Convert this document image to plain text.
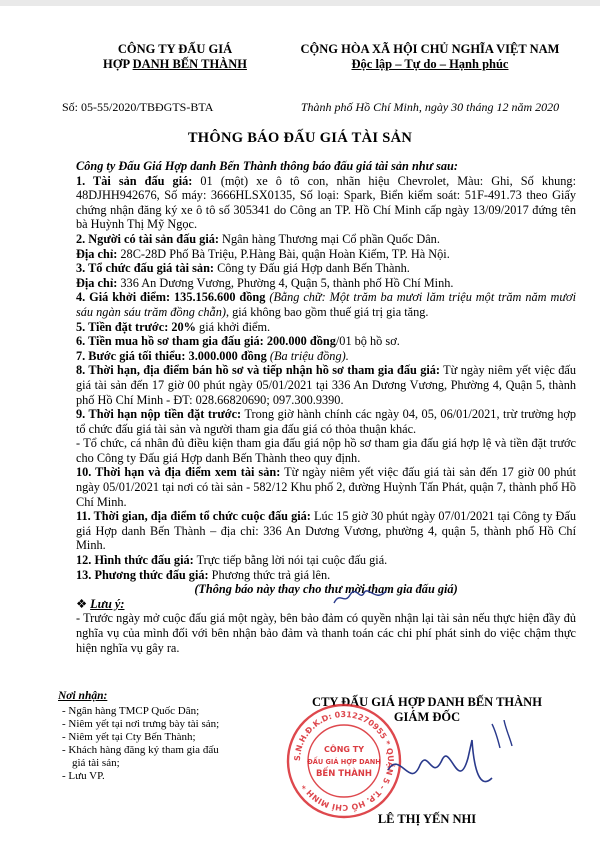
CÔNG TY ĐẤU GIÁ
HỢP DANH BẾN THÀNH
Số: 05-55/2020/TBĐGTS-BTA
CỘNG HÒA XÃ HỘI CHỦ NGHĨA VIỆT NAM
Độc lập – Tự do – Hạnh phúc
Thành phố Hồ Chí Minh, ngày 30 tháng 12 năm 2020
THÔNG BÁO ĐẤU GIÁ TÀI SẢN

Công ty Đấu Giá Hợp danh Bến Thành thông báo đấu giá tài sản như sau:

1. Tài sản đấu giá: 01 (một) xe ô tô con, nhãn hiệu Chevrolet, Màu: Ghi, Số khung: 48DJHH942676, Số máy: 3666HLSX0135, Số loại: Spark, Biển kiểm soát: 51F-491.73 theo Giấy chứng nhận đăng ký xe ô tô số 305341 do Công an TP. Hồ Chí Minh cấp ngày 13/09/2017 đứng tên bà Huỳnh Thị Mỹ Ngọc.

2. Người có tài sản đấu giá: Ngân hàng Thương mại Cổ phần Quốc Dân.

Địa chỉ: 28C-28D Phố Bà Triệu, P.Hàng Bài, quận Hoàn Kiếm, TP. Hà Nội.

3. Tổ chức đấu giá tài sản: Công ty Đấu giá Hợp danh Bến Thành.

Địa chỉ: 336 An Dương Vương, Phường 4, Quận 5, thành phố Hồ Chí Minh.

4. Giá khởi điểm: 135.156.600 đồng (Bằng chữ: Một trăm ba mươi lăm triệu một trăm năm mươi sáu ngàn sáu trăm đồng chẵn), giá không bao gồm thuế giá trị gia tăng.

5. Tiền đặt trước: 20% giá khởi điểm.

6. Tiền mua hồ sơ tham gia đấu giá: 200.000 đồng/01 bộ hồ sơ.

7. Bước giá tối thiểu: 3.000.000 đồng (Ba triệu đồng).

8. Thời hạn, địa điểm bán hồ sơ và tiếp nhận hồ sơ tham gia đấu giá: Từ ngày niêm yết việc đấu giá tài sản đến 17 giờ 00 phút ngày 05/01/2021 tại 336 An Dương Vương, Phường 4, Quận 5, thành phố Hồ Chí Minh - ĐT: 028.66820690; 097.300.9390.

9. Thời hạn nộp tiền đặt trước: Trong giờ hành chính các ngày 04, 05, 06/01/2021, trừ trường hợp tổ chức đấu giá tài sản và người tham gia đấu giá có thỏa thuận khác.

- Tổ chức, cá nhân đủ điều kiện tham gia đấu giá nộp hồ sơ tham gia đấu giá hợp lệ và tiền đặt trước cho Công ty Đấu giá Hợp danh Bến Thành theo quy định.

10. Thời hạn và địa điểm xem tài sản: Từ ngày niêm yết việc đấu giá tài sản đến 17 giờ 00 phút ngày 05/01/2021 tại nơi có tài sản - 582/12 Khu phố 2, đường Huỳnh Tấn Phát, quận 7, thành phố Hồ Chí Minh.

11. Thời gian, địa điểm tổ chức cuộc đấu giá: Lúc 15 giờ 30 phút ngày 07/01/2021 tại Công ty Đấu giá Hợp danh Bến Thành – địa chỉ: 336 An Dương Vương, phường 4, quận 5, thành phố Hồ Chí Minh.

12. Hình thức đấu giá: Trực tiếp bằng lời nói tại cuộc đấu giá.

13. Phương thức đấu giá: Phương thức trả giá lên.

(Thông báo này thay cho thư mời tham gia đấu giá)

❖ Lưu ý:

- Trước ngày mở cuộc đấu giá một ngày, bên bảo đảm có quyền nhận lại tài sản nếu thực hiện đầy đủ nghĩa vụ của mình đối với bên nhận bảo đảm và thanh toán các chi phí phát sinh do việc chậm thực hiện nghĩa vụ gây ra.

Nơi nhận:
- Ngân hàng TMCP Quốc Dân;
- Niêm yết tại nơi trưng bày tài sản;
- Niêm yết tại Cty Bến Thành;
- Khách hàng đăng ký tham gia đấu
giá tài sản;
- Lưu VP.
CTY ĐẤU GIÁ HỢP DANH BẾN THÀNH
GIÁM ĐỐC
S.N.H.Đ.K.D: 0312270955 * QUẬN 5 - T.P. HỒ CHÍ MINH *
CÔNG TY
ĐẤU GIÁ HỢP DANH
BẾN THÀNH
LÊ THỊ YẾN NHI
